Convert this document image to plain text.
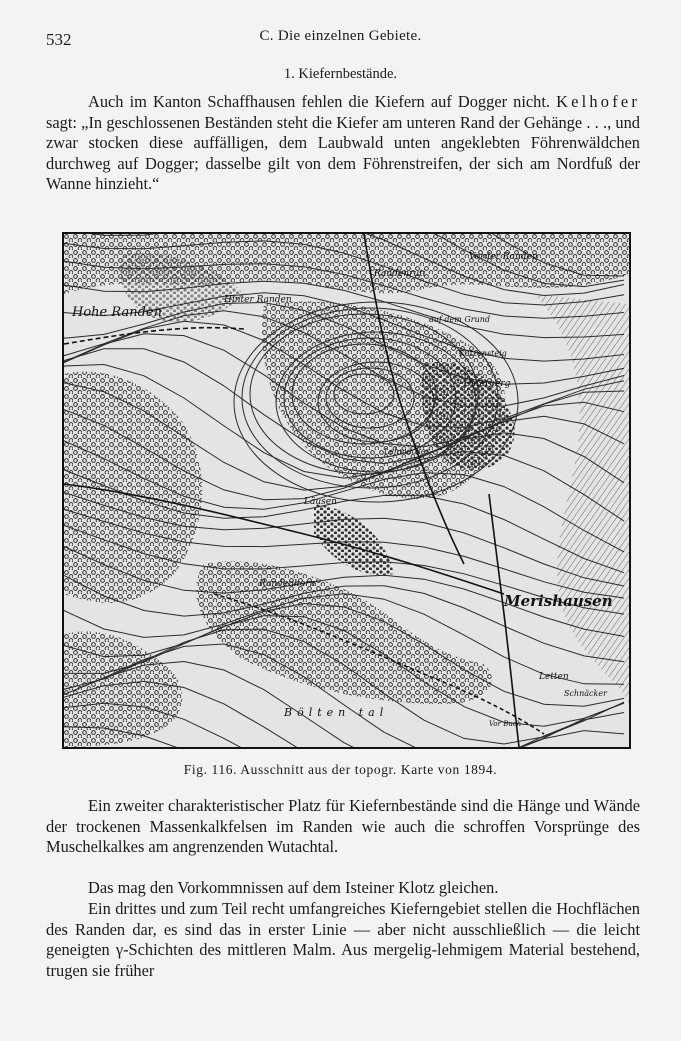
532	C. Die einzelnen Gebiete.
1. Kiefernbestände.

Auch im Kanton Schaffhausen fehlen die Kiefern auf Dogger nicht. Kelhofer sagt: „In geschlossenen Beständen steht die Kiefer am unteren Rand der Gehänge . . ., und zwar stocken diese auffälligen, dem Laubwald unten angeklebten Föhrenwäldchen durchweg auf Dogger; dasselbe gilt von dem Föhrenstreifen, der sich am Nordfuß der Wanne hinzieht.“

Hohe Randen
Merishausen
Randenhorn
Vorder Randen
Randenruti
Hinter Randen
auf dem Grund
Osterberg
Lehmäcker
Läusen
Letten
Schnäcker
Vor Buch
Bölten tal
Katzensteig
Fig. 116. Ausschnitt aus der topogr. Karte von 1894.

Ein zweiter charakteristischer Platz für Kiefernbestände sind die Hänge und Wände der trockenen Massenkalkfelsen im Randen wie auch die schroffen Vorsprünge des Muschelkalkes am angrenzenden Wutachtal.

Das mag den Vorkommnissen auf dem Isteiner Klotz gleichen.

Ein drittes und zum Teil recht umfangreiches Kieferngebiet stellen die Hochflächen des Randen dar, es sind das in erster Linie — aber nicht ausschließlich — die leicht geneigten γ-Schichten des mittleren Malm. Aus mergelig-lehmigem Material bestehend, trugen sie früher
